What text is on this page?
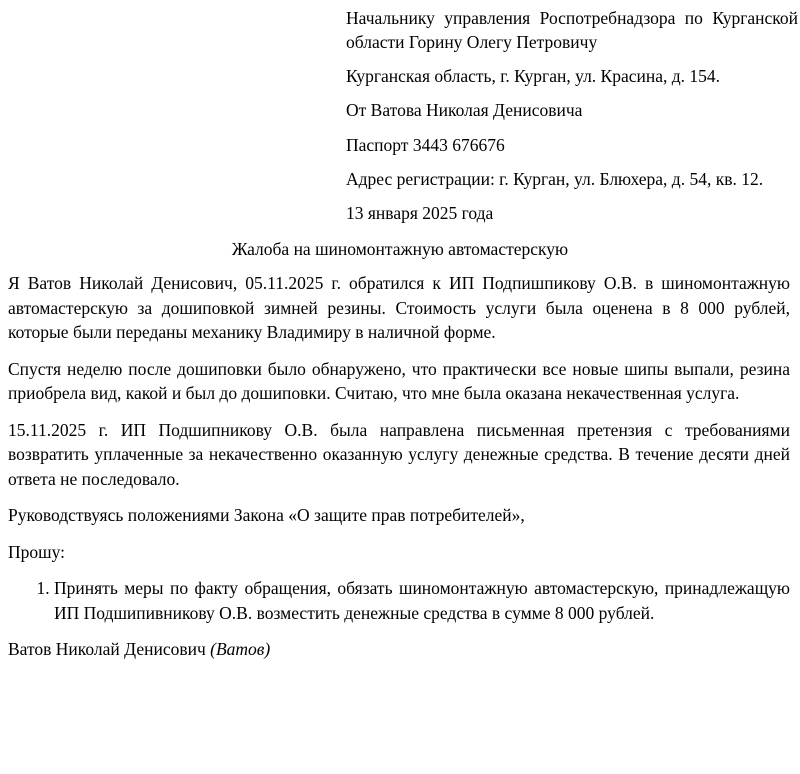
Начальнику управления Роспотребнадзора по Курганской области Горину Олегу Петровичу

Курганская область, г. Курган, ул. Красина, д. 154.

От Ватова Николая Денисовича

Паспорт 3443 676676

Адрес регистрации: г. Курган, ул. Блюхера, д. 54, кв. 12.

13 января 2025 года

Жалоба на шиномонтажную автомастерскую

Я Ватов Николай Денисович, 05.11.2025 г. обратился к ИП Подпишпикову О.В. в шиномонтажную автомастерскую за дошиповкой зимней резины. Стоимость услуги была оценена в 8 000 рублей, которые были переданы механику Владимиру в наличной форме.

Спустя неделю после дошиповки было обнаружено, что практически все новые шипы выпали, резина приобрела вид, какой и был до дошиповки. Считаю, что мне была оказана некачественная услуга.

15.11.2025 г. ИП Подшипникову О.В. была направлена письменная претензия с требованиями возвратить уплаченные за некачественно оказанную услугу денежные средства. В течение десяти дней ответа не последовало.

Руководствуясь положениями Закона «О защите прав потребителей»,

Прошу:

1. Принять меры по факту обращения, обязать шиномонтажную автомастерскую, принадлежащую ИП Подшипивникову О.В. возместить денежные средства в сумме 8 000 рублей.

Ватов Николай Денисович (Ватов)
